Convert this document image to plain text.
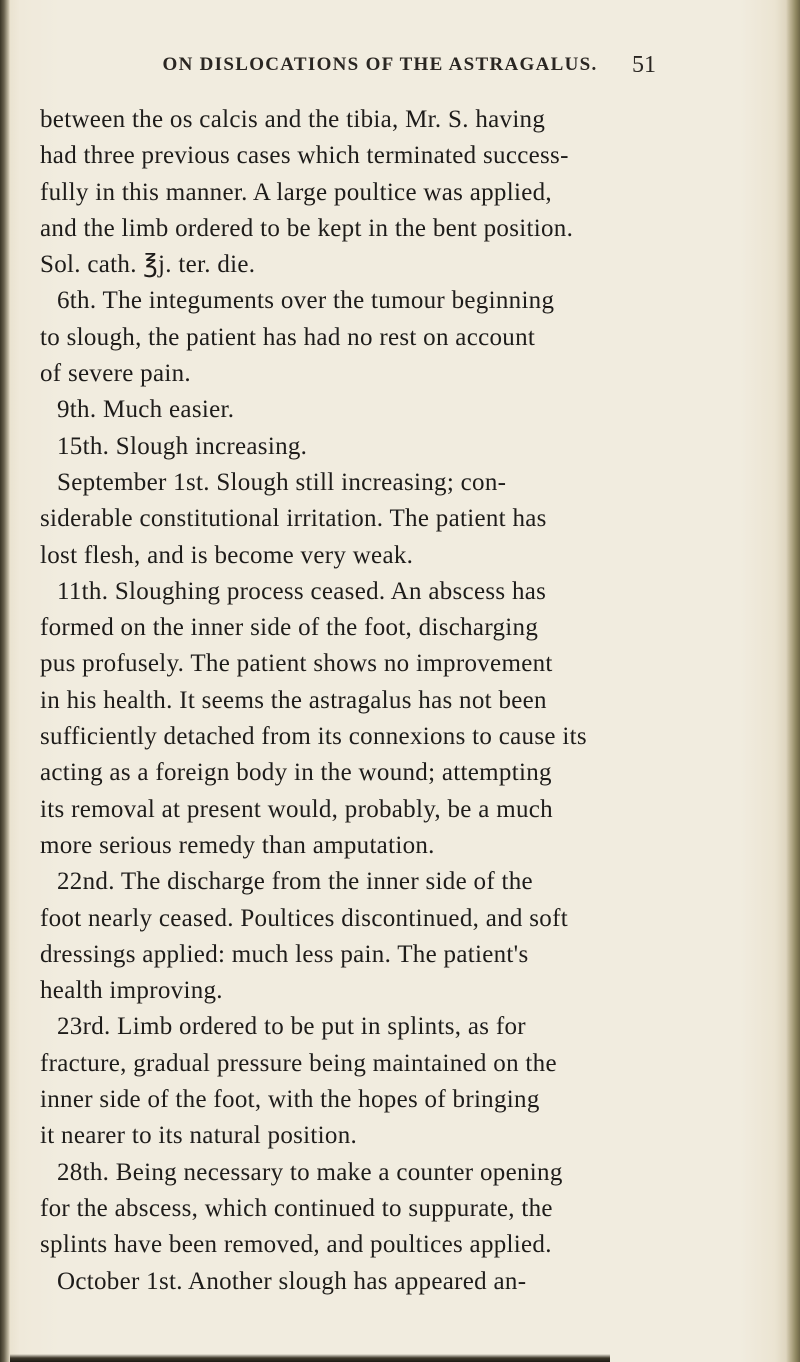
ON DISLOCATIONS OF THE ASTRAGALUS.	51
between the os calcis and the tibia, Mr. S. having
had three previous cases which terminated success-
fully in this manner. A large poultice was applied,
and the limb ordered to be kept in the bent position.
Sol. cath. ℥j. ter. die.
6th. The integuments over the tumour beginning
to slough, the patient has had no rest on account
of severe pain.
9th. Much easier.
15th. Slough increasing.
September 1st. Slough still increasing; con-
siderable constitutional irritation. The patient has
lost flesh, and is become very weak.
11th. Sloughing process ceased. An abscess has
formed on the inner side of the foot, discharging
pus profusely. The patient shows no improvement
in his health. It seems the astragalus has not been
sufficiently detached from its connexions to cause its
acting as a foreign body in the wound; attempting
its removal at present would, probably, be a much
more serious remedy than amputation.
22nd. The discharge from the inner side of the
foot nearly ceased. Poultices discontinued, and soft
dressings applied: much less pain. The patient's
health improving.
23rd. Limb ordered to be put in splints, as for
fracture, gradual pressure being maintained on the
inner side of the foot, with the hopes of bringing
it nearer to its natural position.
28th. Being necessary to make a counter opening
for the abscess, which continued to suppurate, the
splints have been removed, and poultices applied.
October 1st. Another slough has appeared an-
